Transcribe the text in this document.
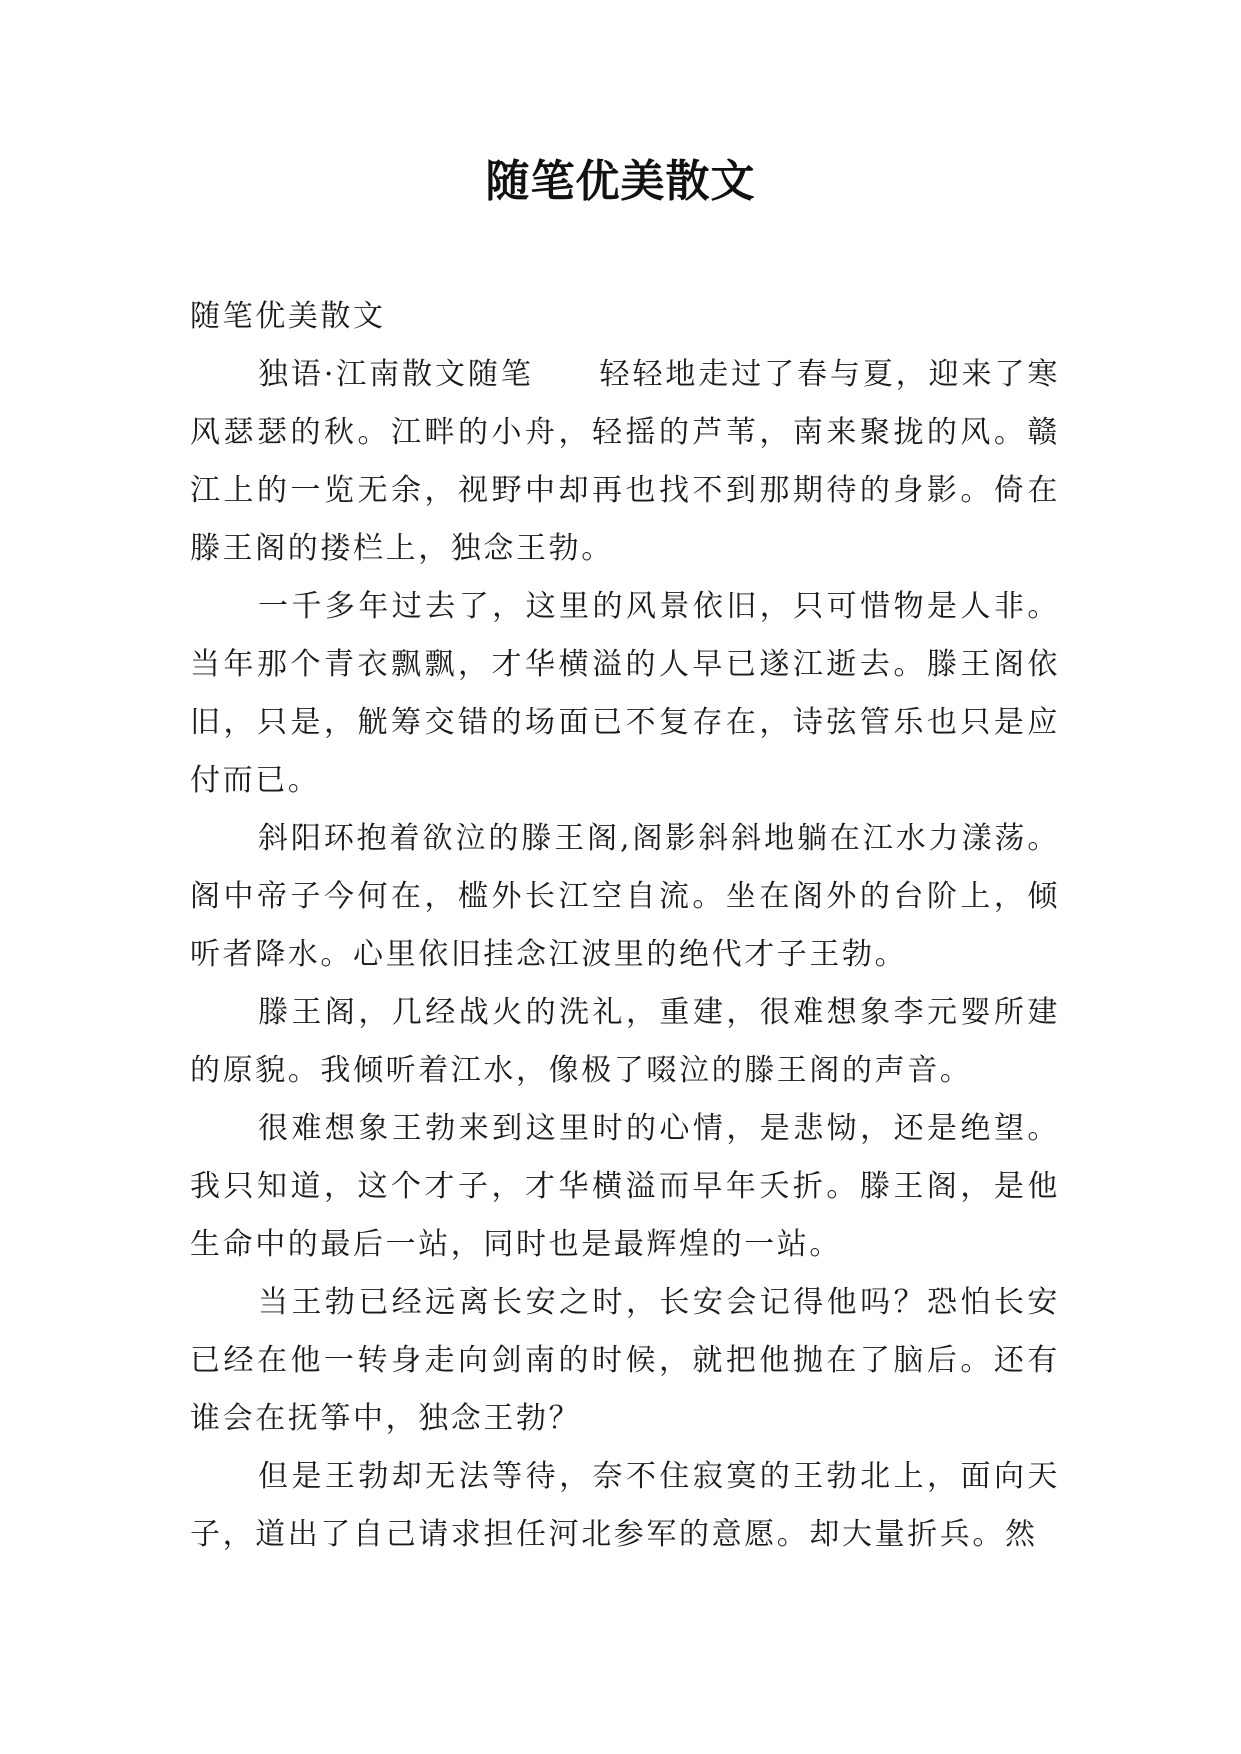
随笔优美散文

随笔优美散文

独语·江南散文随笔　　轻轻地走过了春与夏，迎来了寒风瑟瑟的秋。江畔的小舟，轻摇的芦苇，南来聚拢的风。赣江上的一览无余，视野中却再也找不到那期待的身影。倚在滕王阁的搂栏上，独念王勃。

一千多年过去了，这里的风景依旧，只可惜物是人非。当年那个青衣飘飘，才华横溢的人早已遂江逝去。滕王阁依旧，只是，觥筹交错的场面已不复存在，诗弦管乐也只是应付而已。

斜阳环抱着欲泣的滕王阁,阁影斜斜地躺在江水力漾荡。阁中帝子今何在，槛外长江空自流。坐在阁外的台阶上，倾听者降水。心里依旧挂念江波里的绝代才子王勃。

滕王阁，几经战火的洗礼，重建，很难想象李元婴所建的原貌。我倾听着江水，像极了啜泣的滕王阁的声音。

很难想象王勃来到这里时的心情，是悲恸，还是绝望。我只知道，这个才子，才华横溢而早年夭折。滕王阁，是他生命中的最后一站，同时也是最辉煌的一站。

当王勃已经远离长安之时，长安会记得他吗？恐怕长安已经在他一转身走向剑南的时候，就把他抛在了脑后。还有谁会在抚筝中，独念王勃？

但是王勃却无法等待，奈不住寂寞的王勃北上，面向天子，道出了自己请求担任河北参军的意愿。却大量折兵。然
